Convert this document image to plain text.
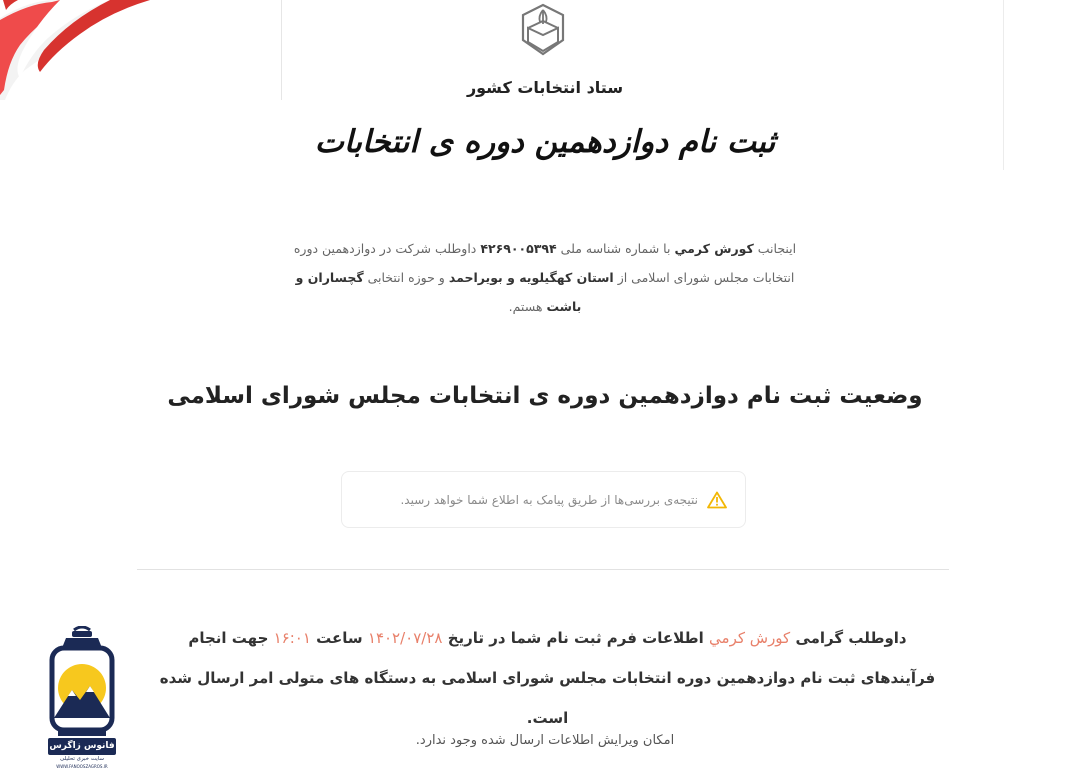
ستاد انتخابات کشور
ثبت نام دوازدهمین دوره ی انتخابات
اینجانب کورش کرمي با شماره شناسه ملی ۴۲۶۹۰۰۵۳۹۴ داوطلب شرکت در دوازدهمین دوره انتخابات مجلس شورای اسلامی از استان کهگیلویه و بویراحمد و حوزه انتخابی گچساران و باشت هستم.
وضعیت ثبت نام دوازدهمین دوره ی انتخابات مجلس شورای اسلامی
نتیجه‌ی بررسی‌ها از طریق پیامک به اطلاع شما خواهد رسید.
داوطلب گرامی کورش کرمي اطلاعات فرم ثبت نام شما در تاریخ ۱۴۰۲/۰۷/۲۸ ساعت ۱۶:۰۱ جهت انجام فرآیندهای ثبت نام دوازدهمین دوره انتخابات مجلس شورای اسلامی به دستگاه های متولی امر ارسال شده است.
امکان ویرایش اطلاعات ارسال شده وجود ندارد.
فانوس زاگرس
سایت خبری تحلیلی
WWW.FANOOSZAGROS.IR
